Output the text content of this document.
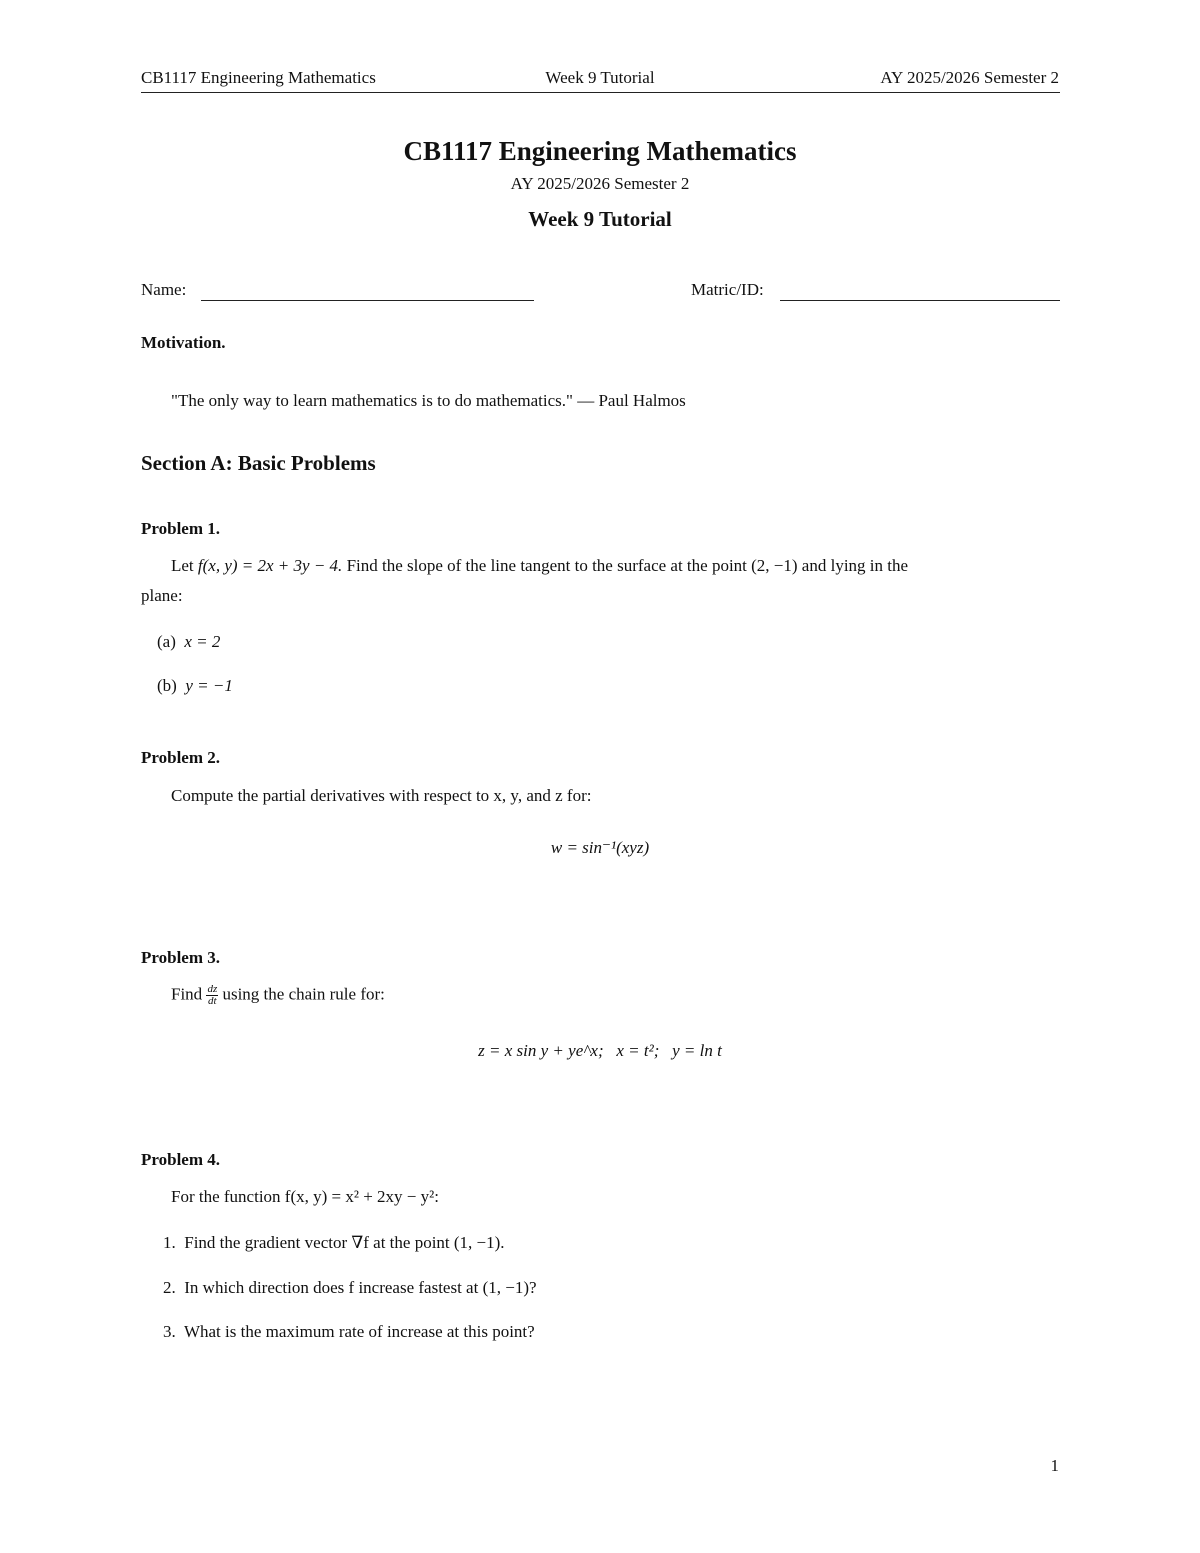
CB1117 Engineering Mathematics	Week 9 Tutorial	AY 2025/2026 Semester 2
CB1117 Engineering Mathematics
AY 2025/2026 Semester 2
Week 9 Tutorial
Name:	Matric/ID:
Motivation.
"The only way to learn mathematics is to do mathematics." — Paul Halmos
Section A: Basic Problems
Problem 1.
Let f(x, y) = 2x + 3y − 4. Find the slope of the line tangent to the surface at the point (2, −1) and lying in the
plane:
(a) x = 2
(b) y = −1
Problem 2.
Compute the partial derivatives with respect to x, y, and z for:
w = sin⁻¹(xyz)
Problem 3.
Find $\frac{dz}{dt}$ using the chain rule for:
z = x sin y + ye^x;   x = t²;   y = ln t
Problem 4.
For the function f(x, y) = x² + 2xy − y²:
1. Find the gradient vector ∇f at the point (1, −1).
2. In which direction does f increase fastest at (1, −1)?
3. What is the maximum rate of increase at this point?
1
